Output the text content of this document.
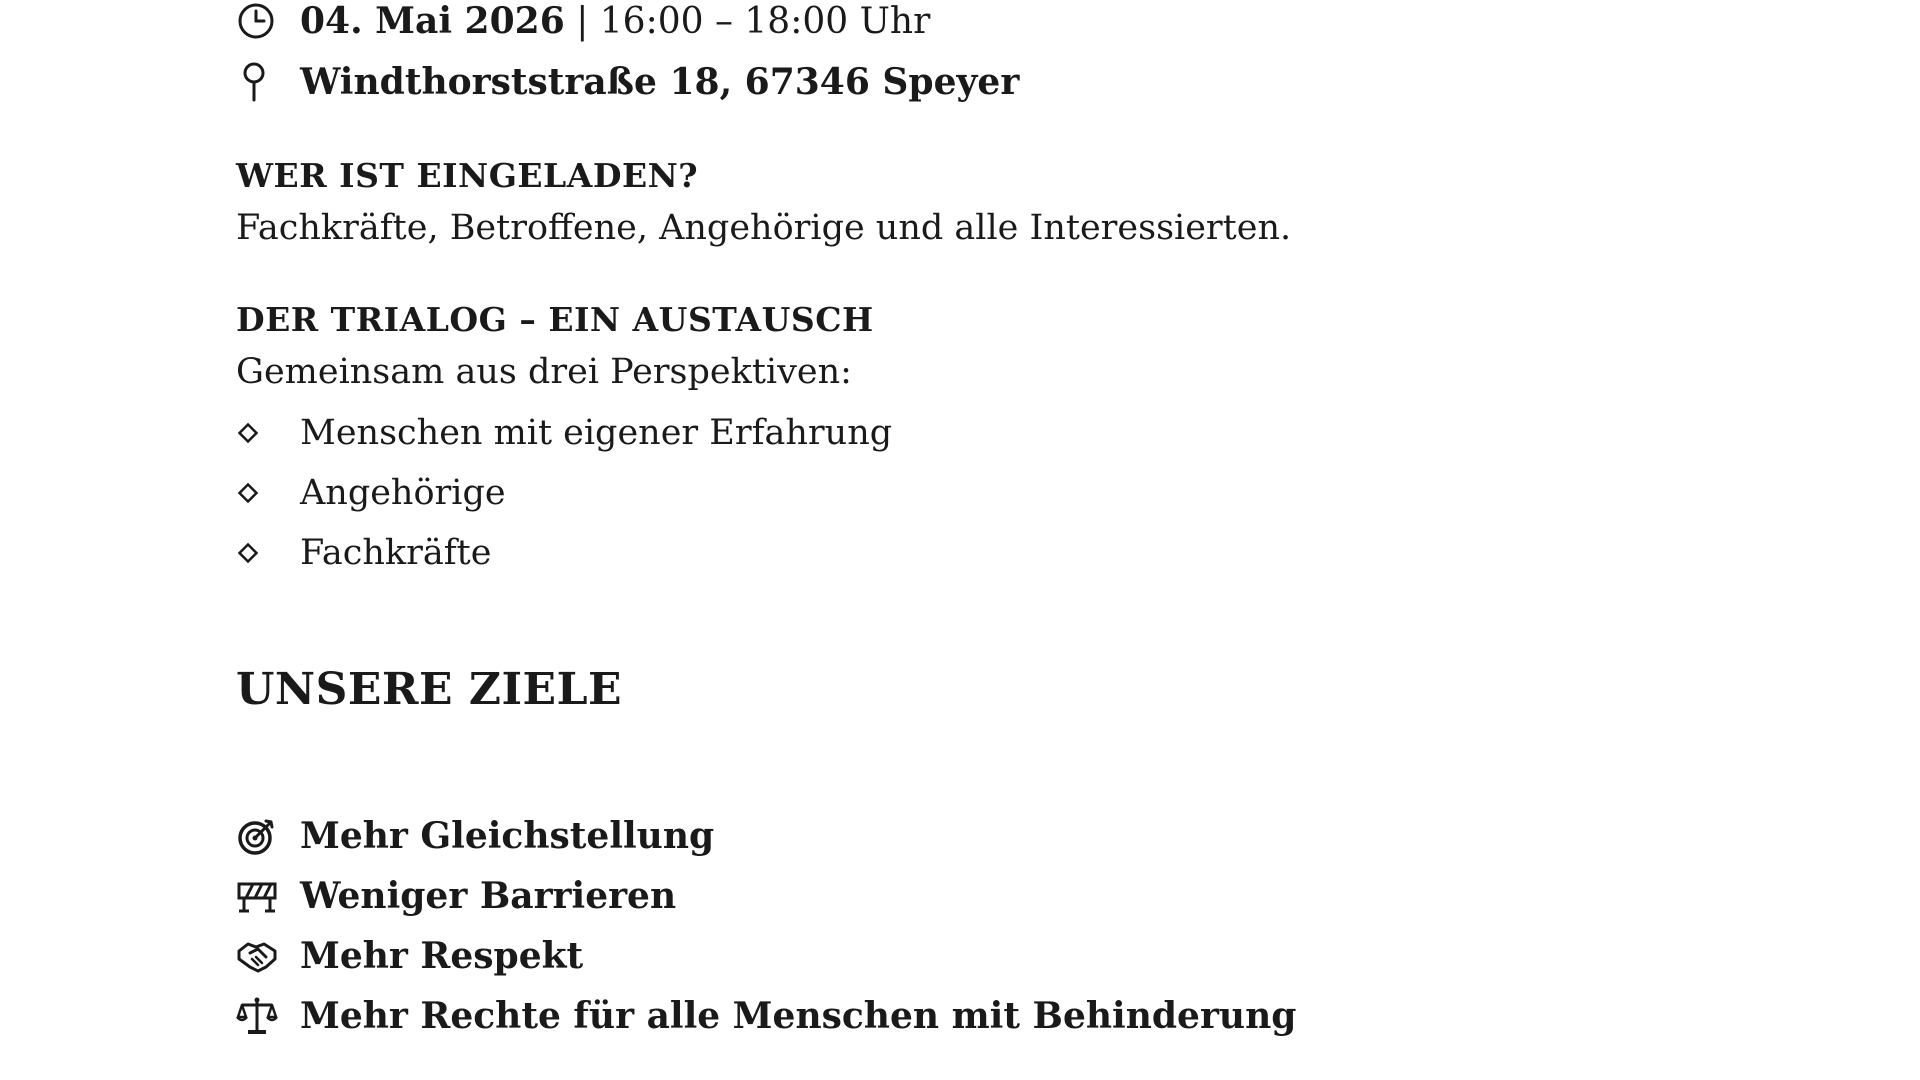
04. Mai 2026 | 16:00 – 18:00 Uhr
Windthorststraße 18, 67346 Speyer
WER IST EINGELADEN?
Fachkräfte, Betroffene, Angehörige und alle Interessierten.
DER TRIALOG – EIN AUSTAUSCH
Gemeinsam aus drei Perspektiven:
Menschen mit eigener Erfahrung
Angehörige
Fachkräfte
UNSERE ZIELE
Mehr Gleichstellung
Weniger Barrieren
Mehr Respekt
Mehr Rechte für alle Menschen mit Behinderung
